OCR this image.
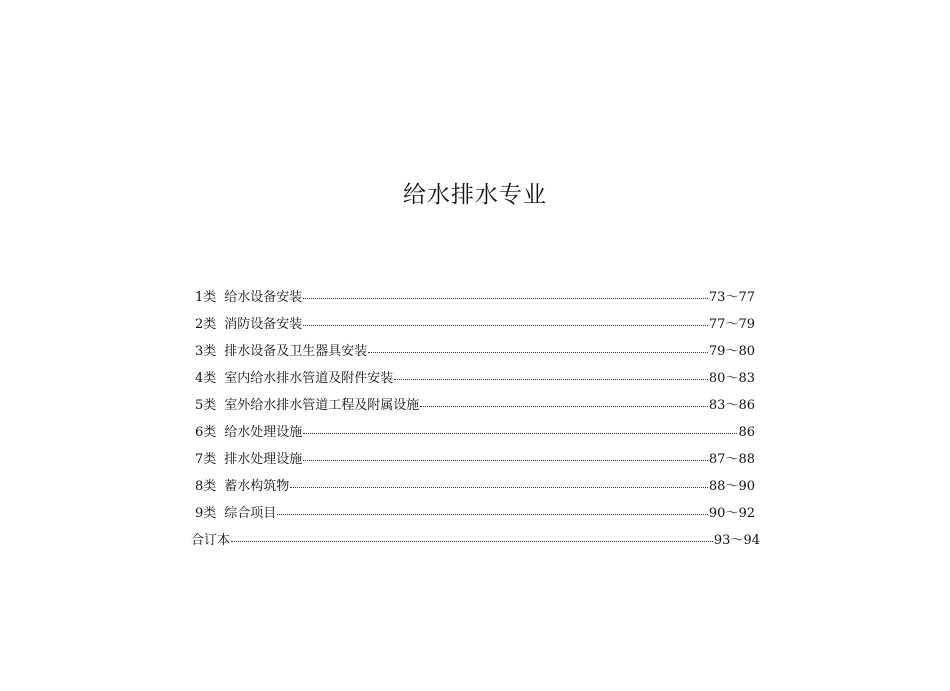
给水排水专业
1类 给水设备安装	73～77
2类 消防设备安装	77～79
3类 排水设备及卫生器具安装	79～80
4类 室内给水排水管道及附件安装	80～83
5类 室外给水排水管道工程及附属设施	83～86
6类 给水处理设施	86
7类 排水处理设施	87～88
8类 蓄水构筑物	88～90
9类 综合项目	90～92
合订本	93～94
